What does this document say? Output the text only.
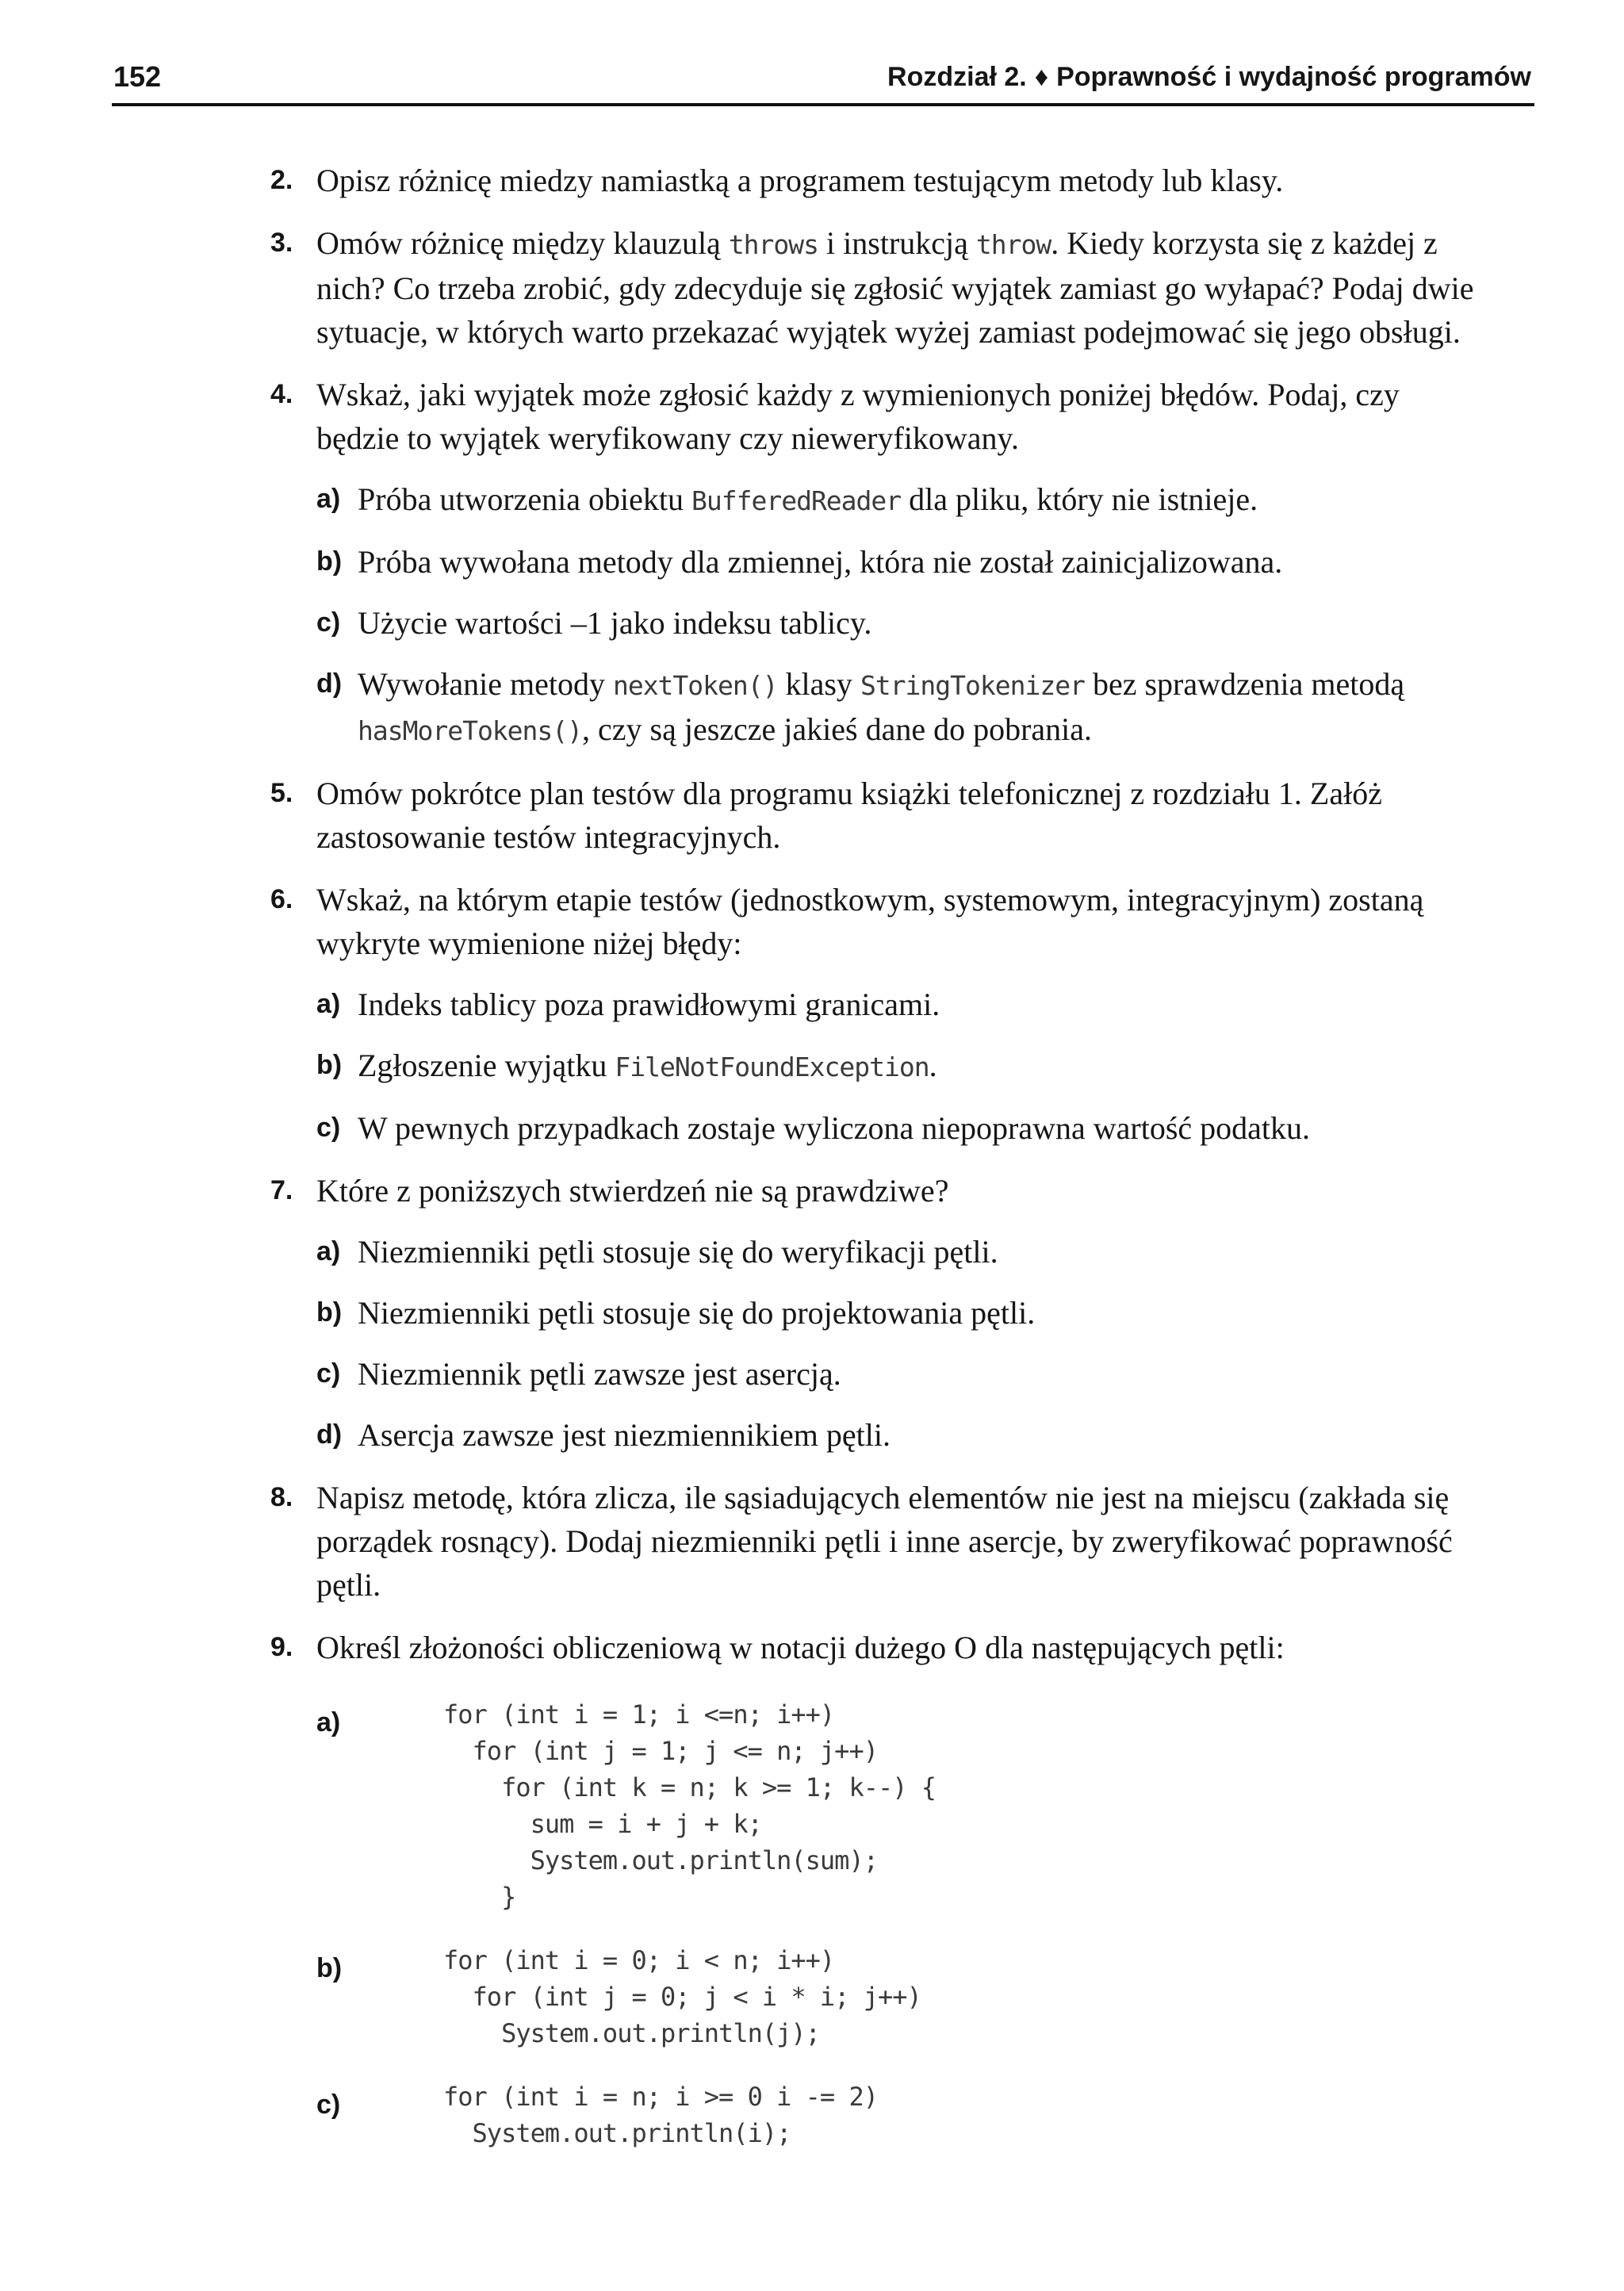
152	Rozdział 2. ♦ Poprawność i wydajność programów
2. Opisz różnicę miedzy namiastką a programem testującym metody lub klasy.
3. Omów różnicę między klauzulą throws i instrukcją throw. Kiedy korzysta się z każdej z nich? Co trzeba zrobić, gdy zdecyduje się zgłosić wyjątek zamiast go wyłapać? Podaj dwie sytuacje, w których warto przekazać wyjątek wyżej zamiast podejmować się jego obsługi.
4. Wskaż, jaki wyjątek może zgłosić każdy z wymienionych poniżej błędów. Podaj, czy będzie to wyjątek weryfikowany czy nieweryfikowany.
a) Próba utworzenia obiektu BufferedReader dla pliku, który nie istnieje.
b) Próba wywołana metody dla zmiennej, która nie został zainicjalizowana.
c) Użycie wartości –1 jako indeksu tablicy.
d) Wywołanie metody nextToken() klasy StringTokenizer bez sprawdzenia metodą hasMoreTokens(), czy są jeszcze jakieś dane do pobrania.
5. Omów pokrótce plan testów dla programu książki telefonicznej z rozdziału 1. Załóż zastosowanie testów integracyjnych.
6. Wskaż, na którym etapie testów (jednostkowym, systemowym, integracyjnym) zostaną wykryte wymienione niżej błędy:
a) Indeks tablicy poza prawidłowymi granicami.
b) Zgłoszenie wyjątku FileNotFoundException.
c) W pewnych przypadkach zostaje wyliczona niepoprawna wartość podatku.
7. Które z poniższych stwierdzeń nie są prawdziwe?
a) Niezmienniki pętli stosuje się do weryfikacji pętli.
b) Niezmienniki pętli stosuje się do projektowania pętli.
c) Niezmiennik pętli zawsze jest asercją.
d) Asercja zawsze jest niezmiennikiem pętli.
8. Napisz metodę, która zlicza, ile sąsiadujących elementów nie jest na miejscu (zakłada się porządek rosnący). Dodaj niezmienniki pętli i inne asercje, by zweryfikować poprawność pętli.
9. Określ złożoności obliczeniową w notacji dużego O dla następujących pętli:
a)	for (int i = 1; i <=n; i++)
for (int j = 1; j <= n; j++)
for (int k = n; k >= 1; k--) {
sum = i + j + k;
System.out.println(sum);
}
b)	for (int i = 0; i < n; i++)
for (int j = 0; j < i * i; j++)
System.out.println(j);
c)	for (int i = n; i >= 0 i -= 2)
System.out.println(i);
